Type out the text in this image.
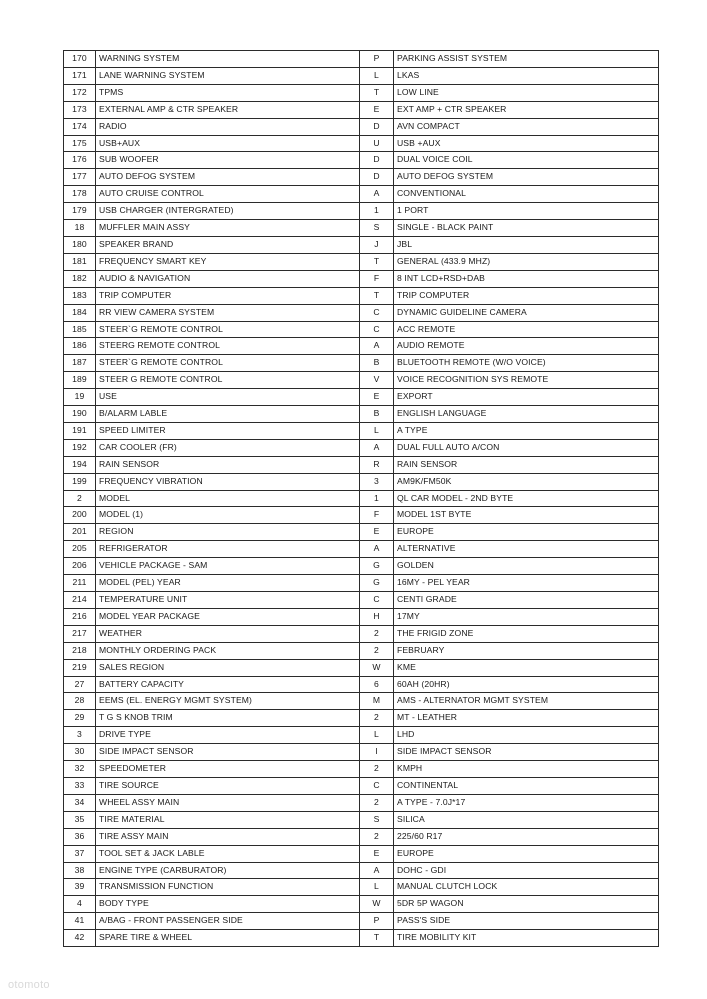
170	WARNING SYSTEM	P	PARKING ASSIST SYSTEM
171	LANE WARNING SYSTEM	L	LKAS
172	TPMS	T	LOW LINE
173	EXTERNAL AMP & CTR SPEAKER	E	EXT AMP + CTR SPEAKER
174	RADIO	D	AVN COMPACT
175	USB+AUX	U	USB +AUX
176	SUB WOOFER	D	DUAL VOICE COIL
177	AUTO DEFOG SYSTEM	D	AUTO DEFOG SYSTEM
178	AUTO CRUISE CONTROL	A	CONVENTIONAL
179	USB CHARGER (INTERGRATED)	1	1 PORT
18	MUFFLER MAIN ASSY	S	SINGLE - BLACK PAINT
180	SPEAKER BRAND	J	JBL
181	FREQUENCY SMART KEY	T	GENERAL (433.9 MHZ)
182	AUDIO & NAVIGATION	F	8 INT LCD+RSD+DAB
183	TRIP COMPUTER	T	TRIP COMPUTER
184	RR VIEW CAMERA SYSTEM	C	DYNAMIC GUIDELINE CAMERA
185	STEER`G REMOTE CONTROL	C	ACC REMOTE
186	STEERG REMOTE CONTROL	A	AUDIO REMOTE
187	STEER`G REMOTE CONTROL	B	BLUETOOTH REMOTE (W/O VOICE)
189	STEER G REMOTE CONTROL	V	VOICE RECOGNITION SYS REMOTE
19	USE	E	EXPORT
190	B/ALARM LABLE	B	ENGLISH LANGUAGE
191	SPEED LIMITER	L	A TYPE
192	CAR COOLER (FR)	A	DUAL FULL AUTO A/CON
194	RAIN SENSOR	R	RAIN SENSOR
199	FREQUENCY VIBRATION	3	AM9K/FM50K
2	MODEL	1	QL CAR MODEL - 2ND BYTE
200	MODEL (1)	F	MODEL 1ST BYTE
201	REGION	E	EUROPE
205	REFRIGERATOR	A	ALTERNATIVE
206	VEHICLE PACKAGE - SAM	G	GOLDEN
211	MODEL (PEL) YEAR	G	16MY - PEL YEAR
214	TEMPERATURE UNIT	C	CENTI GRADE
216	MODEL YEAR PACKAGE	H	17MY
217	WEATHER	2	THE FRIGID ZONE
218	MONTHLY ORDERING PACK	2	FEBRUARY
219	SALES REGION	W	KME
27	BATTERY CAPACITY	6	60AH (20HR)
28	EEMS (EL. ENERGY MGMT SYSTEM)	M	AMS - ALTERNATOR MGMT SYSTEM
29	T G S KNOB TRIM	2	MT - LEATHER
3	DRIVE TYPE	L	LHD
30	SIDE IMPACT SENSOR	I	SIDE IMPACT SENSOR
32	SPEEDOMETER	2	KMPH
33	TIRE SOURCE	C	CONTINENTAL
34	WHEEL ASSY MAIN	2	A TYPE - 7.0J*17
35	TIRE MATERIAL	S	SILICA
36	TIRE ASSY MAIN	2	225/60 R17
37	TOOL SET & JACK LABLE	E	EUROPE
38	ENGINE TYPE (CARBURATOR)	A	DOHC - GDI
39	TRANSMISSION FUNCTION	L	MANUAL CLUTCH LOCK
4	BODY TYPE	W	5DR 5P WAGON
41	A/BAG - FRONT PASSENGER SIDE	P	PASS'S SIDE
42	SPARE TIRE & WHEEL	T	TIRE MOBILITY KIT
otomoto
